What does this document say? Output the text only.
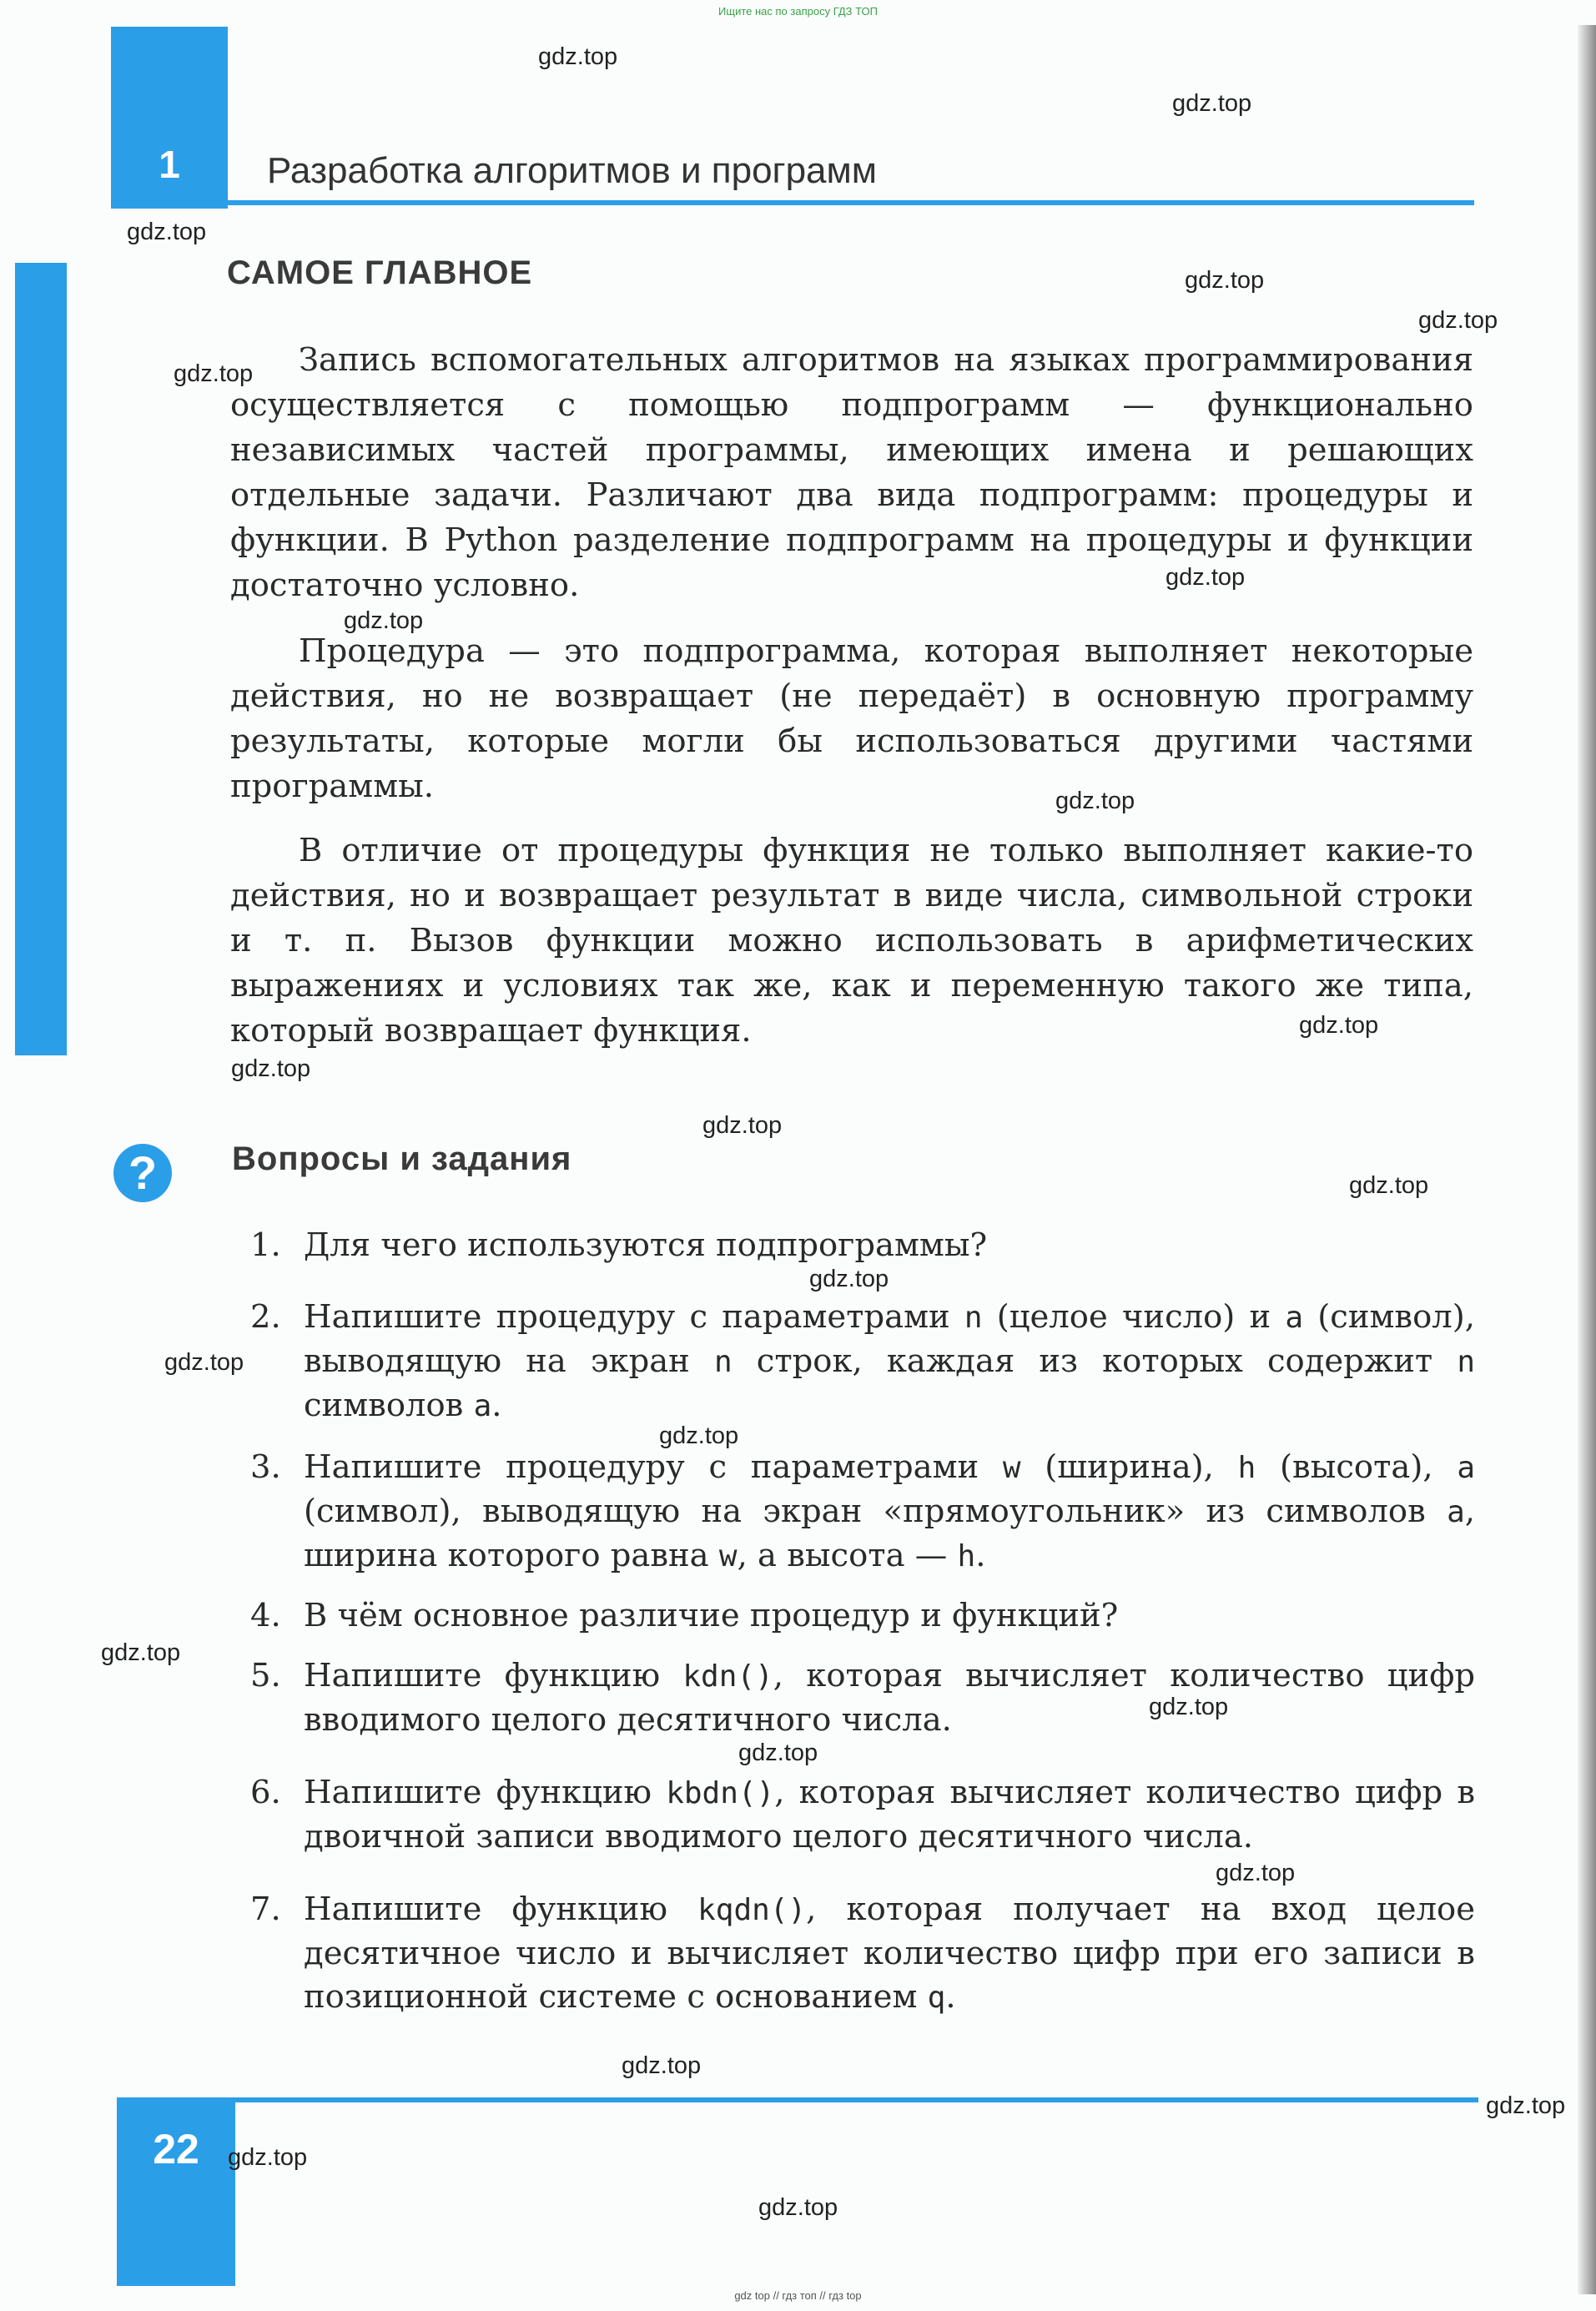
Ищите нас по запросу ГДЗ ТОП
1	Разработка алгоритмов и программ
САМОЕ ГЛАВНОЕ

Запись вспомогательных алгоритмов на языках программирования осуществляется с помощью подпрограмм — функционально независимых частей программы, имеющих имена и решающих отдельные задачи. Различают два вида подпрограмм: процедуры и функции. В Python разделение подпрограмм на процедуры и функции достаточно условно.

Процедура — это подпрограмма, которая выполняет некоторые действия, но не возвращает (не передаёт) в основную программу результаты, которые могли бы использоваться другими частями программы.

В отличие от процедуры функция не только выполняет какие-то действия, но и возвращает результат в виде числа, символьной строки и т. п. Вызов функции можно использовать в арифметических выражениях и условиях так же, как и переменную такого же типа, который возвращает функция.

?	Вопросы и задания
1. Для чего используются подпрограммы?
2. Напишите процедуру с параметрами n (целое число) и a (символ), выводящую на экран n строк, каждая из которых содержит n символов a.
3. Напишите процедуру с параметрами w (ширина), h (высота), a (символ), выводящую на экран «прямоугольник» из символов a, ширина которого равна w, а высота — h.
4. В чём основное различие процедур и функций?
5. Напишите функцию kdn(), которая вычисляет количество цифр вводимого целого десятичного числа.
6. Напишите функцию kbdn(), которая вычисляет количество цифр в двоичной записи вводимого целого десятичного числа.
7. Напишите функцию kqdn(), которая получает на вход целое десятичное число и вычисляет количество цифр при его записи в позиционной системе с основанием q.
22
gdz.top
gdz.top
gdz.top
gdz.top
gdz.top
gdz.top
gdz.top
gdz.top
gdz.top
gdz.top
gdz.top
gdz.top
gdz.top
gdz.top
gdz.top
gdz.top
gdz.top
gdz.top
gdz.top
gdz.top
gdz.top
gdz.top
gdz.top
gdz.top
gdz top // гдз топ // гдз top
